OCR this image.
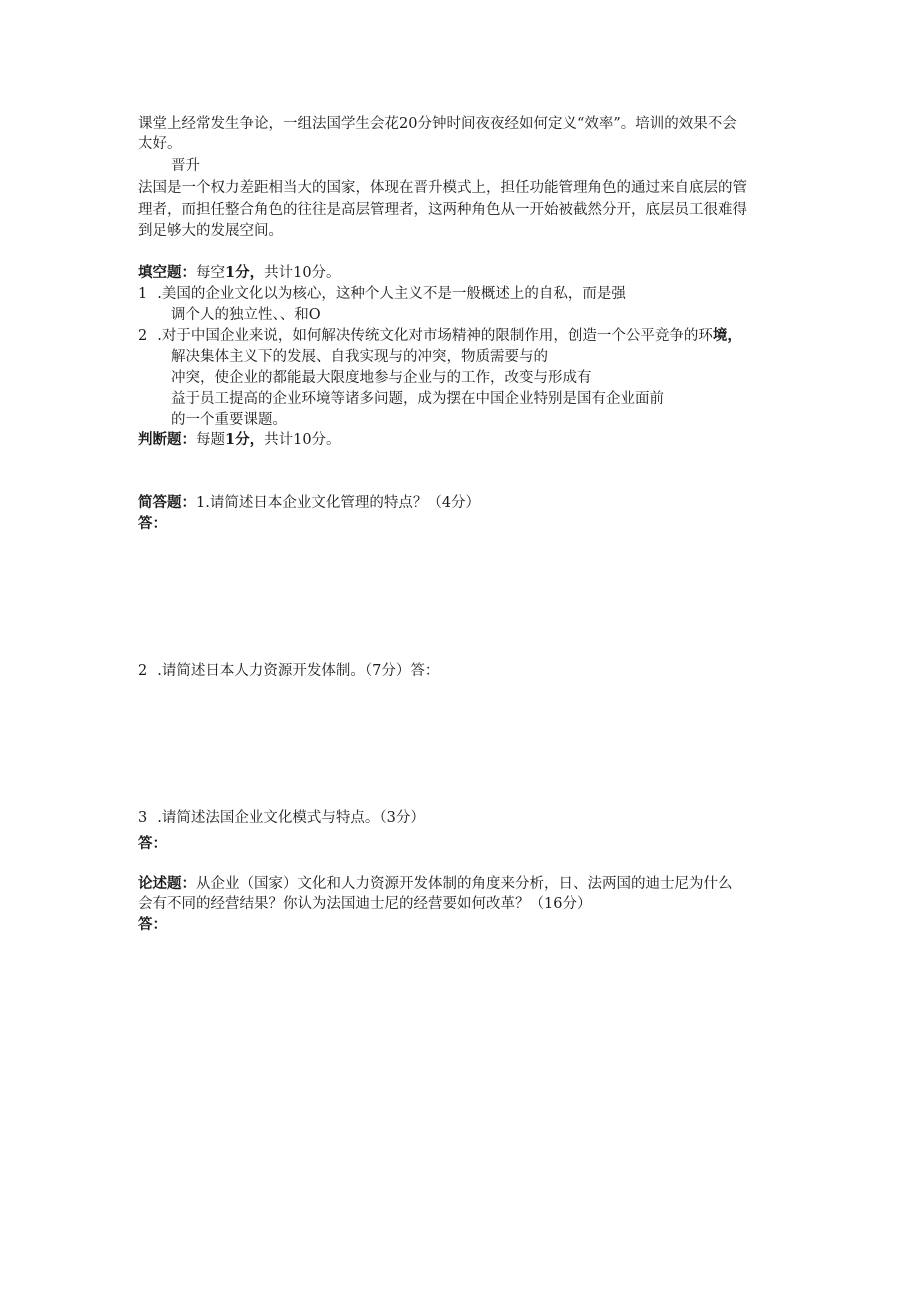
课堂上经常发生争论，一组法国学生会花20分钟时间夜夜经如何定义“效率”。培训的效果不会
太好。
晋升
法国是一个权力差距相当大的国家，体现在晋升模式上，担任功能管理角色的通过来自底层的管
理者，而担任整合角色的往往是高层管理者，这两种角色从一开始被截然分开，底层员工很难得
到足够大的发展空间。
填空题：每空1分，共计10分。
1 .美国的企业文化以为核心，这种个人主义不是一般概述上的自私，而是强
调个人的独立性、、和O
2 .对于中国企业来说，如何解决传统文化对市场精神的限制作用，创造一个公平竞争的环境，
解决集体主义下的发展、自我实现与的冲突，物质需要与的
冲突，使企业的都能最大限度地参与企业与的工作，改变与形成有
益于员工提高的企业环境等诸多问题，成为摆在中国企业特别是国有企业面前
的一个重要课题。
判断题：每题1分，共计10分。
简答题：1.请简述日本企业文化管理的特点？（4分）
答：
2 .请简述日本人力资源开发体制。（7分）答：
3 .请简述法国企业文化模式与特点。（3分）
答：
论述题：从企业（国家）文化和人力资源开发体制的角度来分析，日、法两国的迪士尼为什么
会有不同的经营结果？你认为法国迪士尼的经营要如何改革？（16分）
答：
